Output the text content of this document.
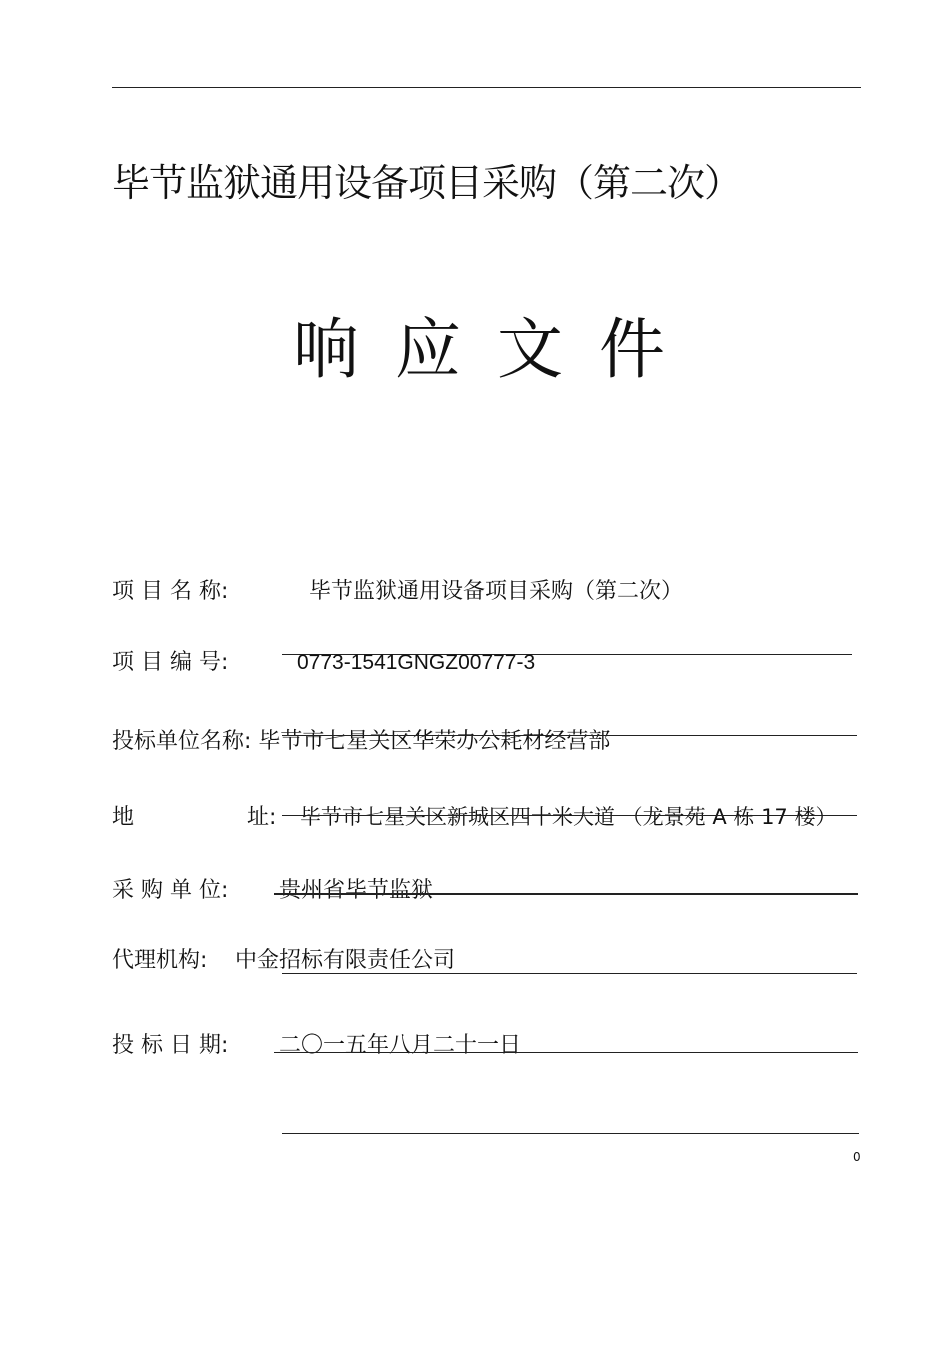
毕节监狱通用设备项目采购（第二次）
响应文件
项 目 名 称:	毕节监狱通用设备项目采购（第二次）
项 目 编 号:	0773-1541GNGZ00777-3
投标单位名称: 毕节市七星关区华荣办公耗材经营部
地	址: 毕节市七星关区新城区四十米大道 （龙景苑 A 栋 17 楼）
采 购 单 位: 贵州省毕节监狱
代理机构: 中金招标有限责任公司
投 标 日 期: 二〇一五年八月二十一日
0
